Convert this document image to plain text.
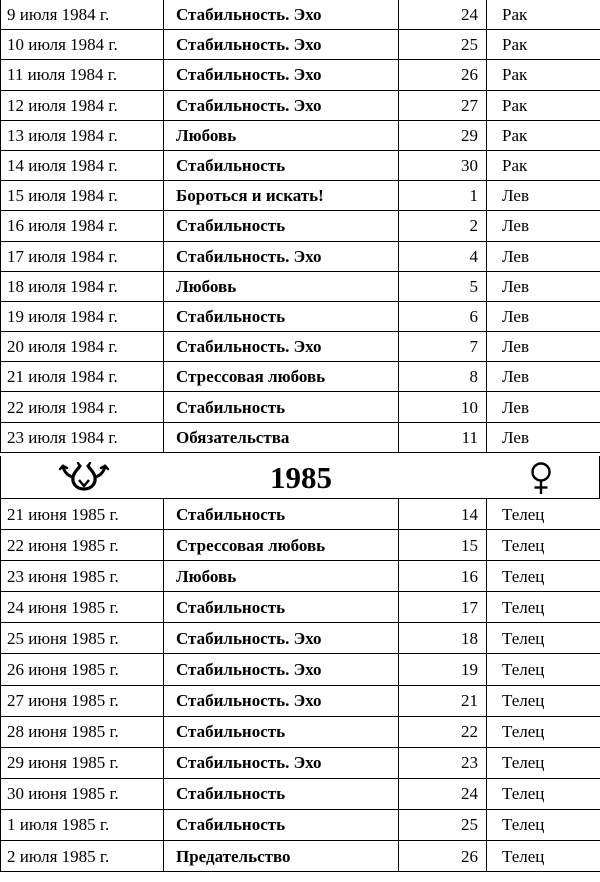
9 июля 1984 г.	Стабильность. Эхо	24	Рак
10 июля 1984 г.	Стабильность. Эхо	25	Рак
11 июля 1984 г.	Стабильность. Эхо	26	Рак
12 июля 1984 г.	Стабильность. Эхо	27	Рак
13 июля 1984 г.	Любовь	29	Рак
14 июля 1984 г.	Стабильность	30	Рак
15 июля 1984 г.	Бороться и искать!	1	Лев
16 июля 1984 г.	Стабильность	2	Лев
17 июля 1984 г.	Стабильность. Эхо	4	Лев
18 июля 1984 г.	Любовь	5	Лев
19 июля 1984 г.	Стабильность	6	Лев
20 июля 1984 г.	Стабильность. Эхо	7	Лев
21 июля 1984 г.	Стрессовая любовь	8	Лев
22 июля 1984 г.	Стабильность	10	Лев
23 июля 1984 г.	Обязательства	11	Лев
1985
21 июня 1985 г.	Стабильность	14	Телец
22 июня 1985 г.	Стрессовая любовь	15	Телец
23 июня 1985 г.	Любовь	16	Телец
24 июня 1985 г.	Стабильность	17	Телец
25 июня 1985 г.	Стабильность. Эхо	18	Телец
26 июня 1985 г.	Стабильность. Эхо	19	Телец
27 июня 1985 г.	Стабильность. Эхо	21	Телец
28 июня 1985 г.	Стабильность	22	Телец
29 июня 1985 г.	Стабильность. Эхо	23	Телец
30 июня 1985 г.	Стабильность	24	Телец
1 июля 1985 г.	Стабильность	25	Телец
2 июля 1985 г.	Предательство	26	Телец
